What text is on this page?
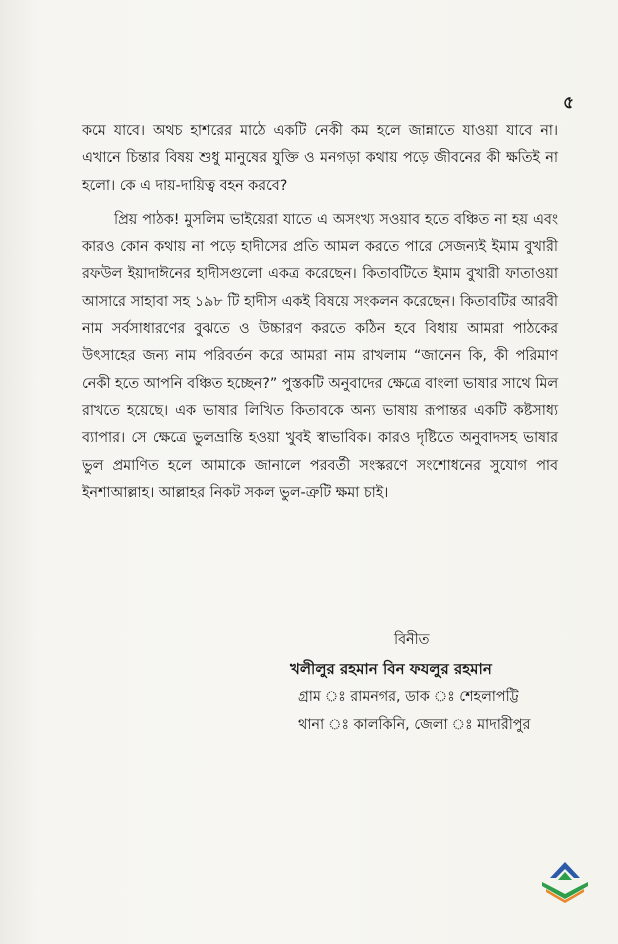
৫

কমে যাবে। অথচ হাশরের মাঠে একটি নেকী কম হলে জান্নাতে যাওয়া যাবে না। এখানে চিন্তার বিষয় শুধু মানুষের যুক্তি ও মনগড়া কথায় পড়ে জীবনের কী ক্ষতিই না হলো। কে এ দায়-দায়িত্ব বহন করবে?

প্রিয় পাঠক! মুসলিম ভাইয়েরা যাতে এ অসংখ্য সওয়াব হতে বঞ্চিত না হয় এবং কারও কোন কথায় না পড়ে হাদীসের প্রতি আমল করতে পারে সেজন্যই ইমাম বুখারী রফউল ইয়াদাঈনের হাদীসগুলো একত্র করেছেন। কিতাবটিতে ইমাম বুখারী ফাতাওয়া আসারে সাহাবা সহ ১৯৮ টি হাদীস একই বিষয়ে সংকলন করেছেন। কিতাবটির আরবী নাম সর্বসাধারণের বুঝতে ও উচ্চারণ করতে কঠিন হবে বিধায় আমরা পাঠকের উৎসাহের জন্য নাম পরিবর্তন করে আমরা নাম রাখলাম “জানেন কি, কী পরিমাণ নেকী হতে আপনি বঞ্চিত হচ্ছেন?” পুস্তকটি অনুবাদের ক্ষেত্রে বাংলা ভাষার সাথে মিল রাখতে হয়েছে। এক ভাষার লিখিত কিতাবকে অন্য ভাষায় রূপান্তর একটি কষ্টসাধ্য ব্যাপার। সে ক্ষেত্রে ভুলভ্রান্তি হওয়া খুবই স্বাভাবিক। কারও দৃষ্টিতে অনুবাদসহ ভাষার ভুল প্রমাণিত হলে আমাকে জানালে পরবর্তী সংস্করণে সংশোধনের সুযোগ পাব ইনশাআল্লাহ। আল্লাহর নিকট সকল ভুল-ত্রুটি ক্ষমা চাই।

বিনীত
খলীলুর রহমান বিন ফযলুর রহমান
গ্রাম ঃ রামনগর, ডাক ঃ শেহলাপট্টি
থানা ঃ কালকিনি, জেলা ঃ মাদারীপুর
